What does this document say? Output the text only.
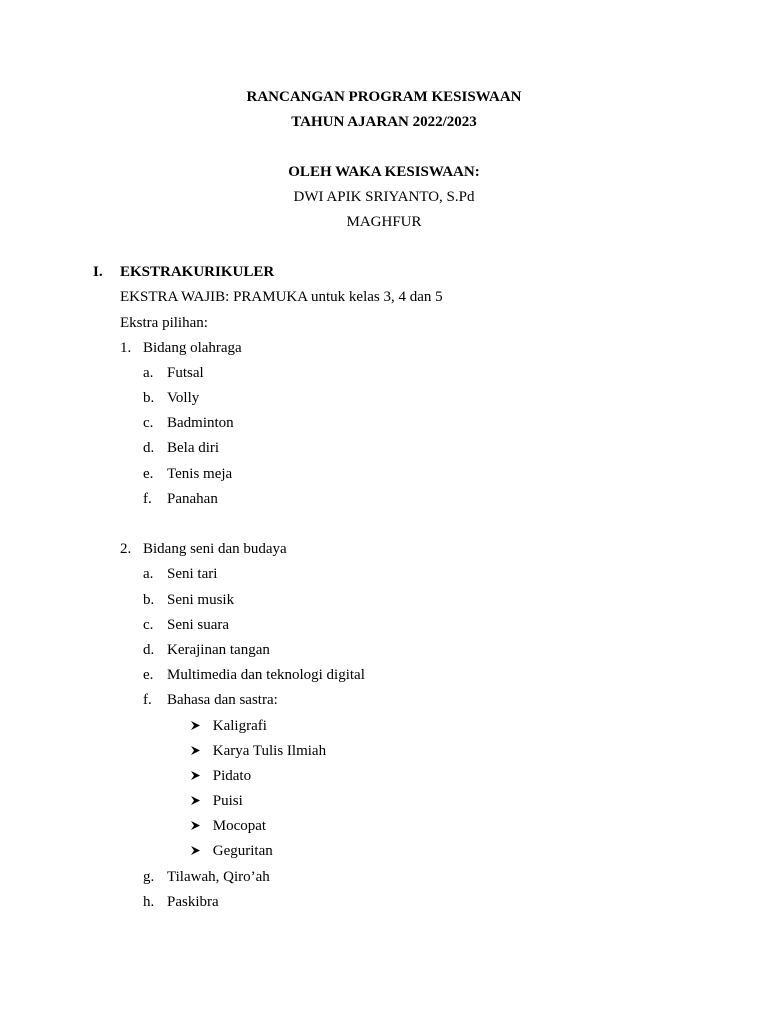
RANCANGAN PROGRAM KESISWAAN
TAHUN AJARAN 2022/2023
OLEH WAKA KESISWAAN:
DWI APIK SRIYANTO, S.Pd
MAGHFUR
I. EKSTRAKURIKULER
EKSTRA WAJIB: PRAMUKA untuk kelas 3, 4 dan 5
Ekstra pilihan:
1. Bidang olahraga
a. Futsal
b. Volly
c. Badminton
d. Bela diri
e. Tenis meja
f. Panahan
2. Bidang seni dan budaya
a. Seni tari
b. Seni musik
c. Seni suara
d. Kerajinan tangan
e. Multimedia dan teknologi digital
f. Bahasa dan sastra:
Kaligrafi
Karya Tulis Ilmiah
Pidato
Puisi
Mocopat
Geguritan
g. Tilawah, Qiro’ah
h. Paskibra
